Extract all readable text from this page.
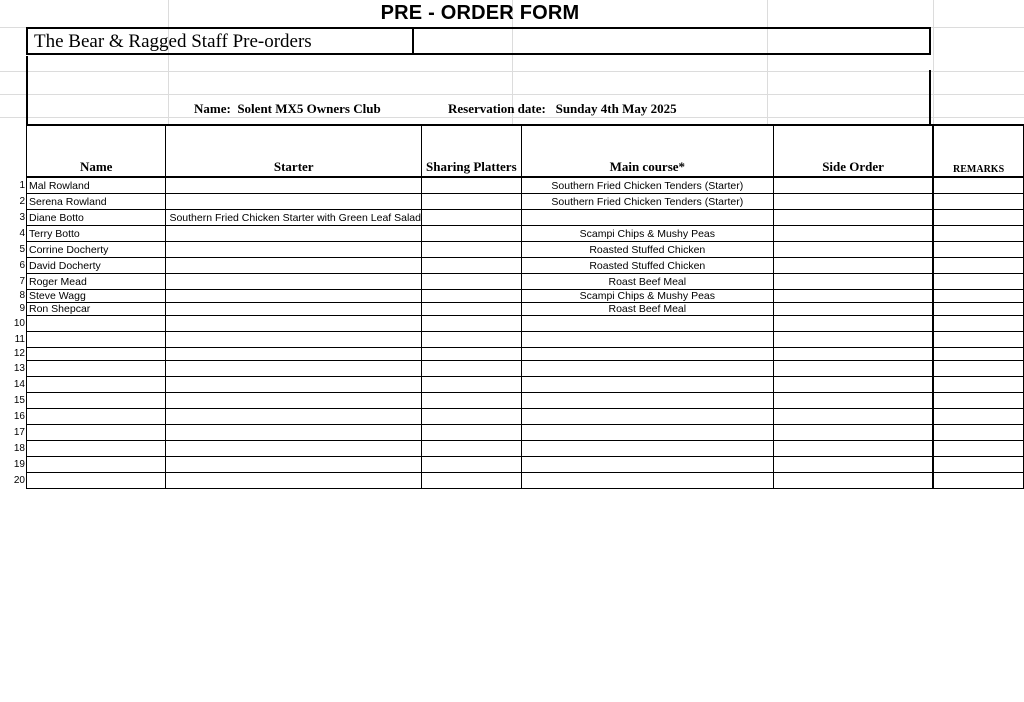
PRE - ORDER FORM
The Bear & Ragged Staff Pre-orders
Name: Solent MX5 Owners Club	Reservation date: Sunday 4th May 2025
Name	Starter	Sharing Platters	Main course*	Side Order	REMARKS

1 Mal Rowland			Southern Fried Chicken Tenders (Starter)		

2 Serena Rowland			Southern Fried Chicken Tenders (Starter)		

3 Diane Botto	Southern Fried Chicken Starter with Green Leaf Salad				

4 Terry Botto			Scampi Chips & Mushy Peas		

5 Corrine Docherty			Roasted Stuffed Chicken		

6 David Docherty			Roasted Stuffed Chicken		

7 Roger Mead			Roast Beef Meal		

8 Steve Wagg			Scampi Chips & Mushy Peas		

9 Ron Shepcar			Roast Beef Meal		

10					

11					

12					

13					

14					

15					

16					

17					

18					

19					

20					
